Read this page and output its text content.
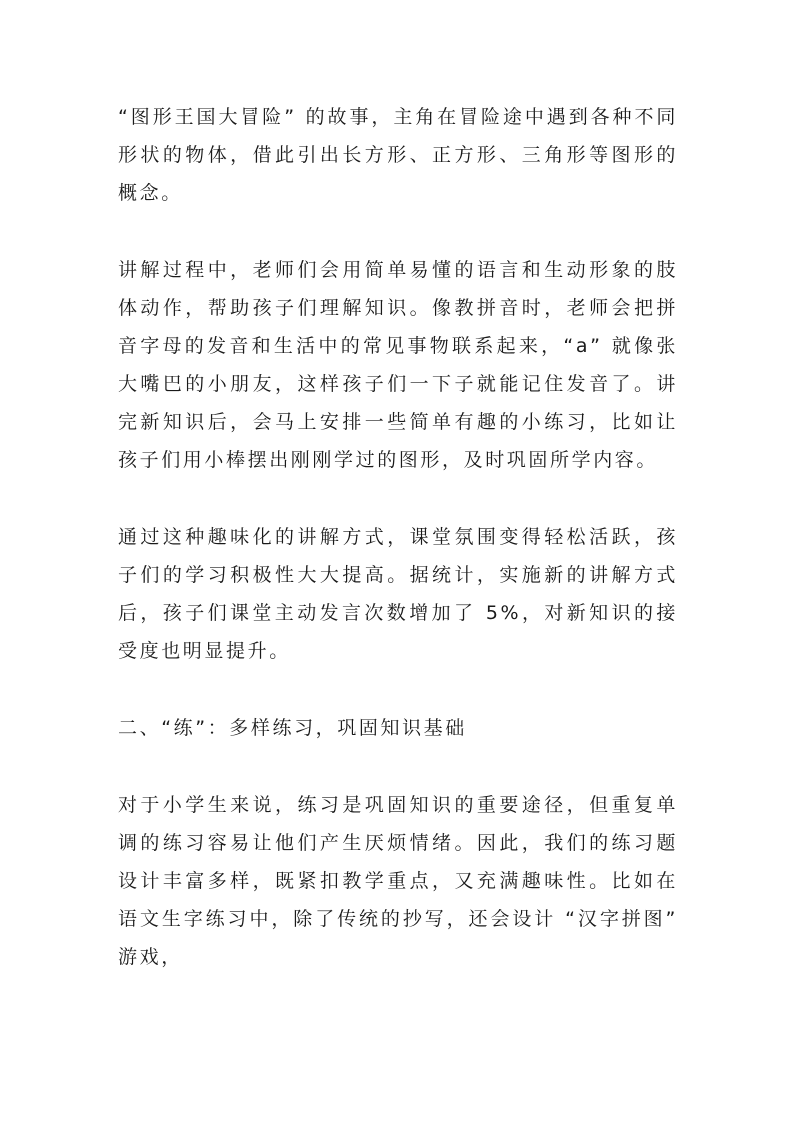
“图形王国大冒险” 的故事，主角在冒险途中遇到各种不同形状的物体，借此引出长方形、正方形、三角形等图形的概念。

讲解过程中，老师们会用简单易懂的语言和生动形象的肢体动作，帮助孩子们理解知识。像教拼音时，老师会把拼音字母的发音和生活中的常见事物联系起来，“a” 就像张大嘴巴的小朋友，这样孩子们一下子就能记住发音了。讲完新知识后，会马上安排一些简单有趣的小练习，比如让孩子们用小棒摆出刚刚学过的图形，及时巩固所学内容。

通过这种趣味化的讲解方式，课堂氛围变得轻松活跃，孩子们的学习积极性大大提高。据统计，实施新的讲解方式后，孩子们课堂主动发言次数增加了 5%，对新知识的接受度也明显提升。

二、“练”：多样练习，巩固知识基础

对于小学生来说，练习是巩固知识的重要途径，但重复单调的练习容易让他们产生厌烦情绪。因此，我们的练习题设计丰富多样，既紧扣教学重点，又充满趣味性。比如在语文生字练习中，除了传统的抄写，还会设计 “汉字拼图” 游戏，
